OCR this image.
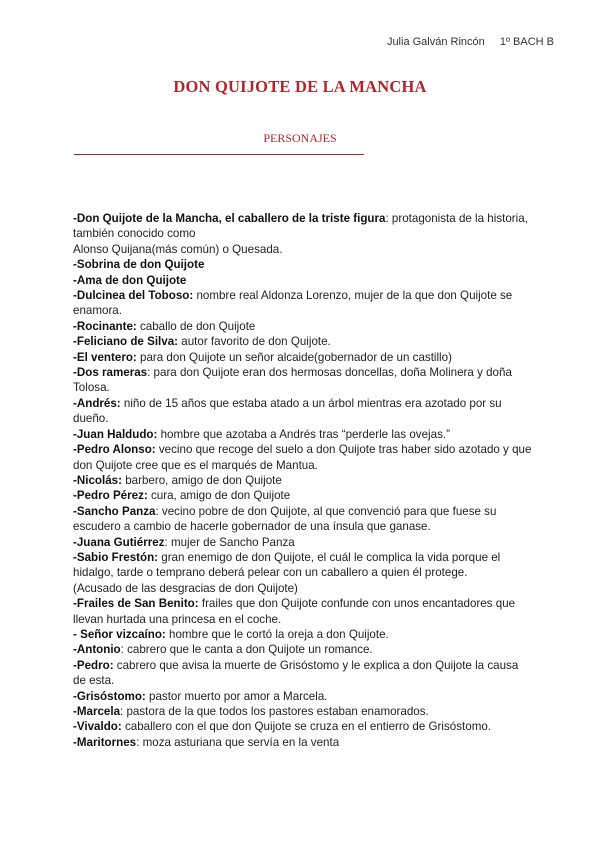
Julia Galván Rincón 1º BACH B
DON QUIJOTE DE LA MANCHA
PERSONAJES

-Don Quijote de la Mancha, el caballero de la triste figura: protagonista de la historia, también conocido como

Alonso Quijana(más común) o Quesada.

-Sobrina de don Quijote

-Ama de don Quijote

-Dulcinea del Toboso: nombre real Aldonza Lorenzo, mujer de la que don Quijote se enamora.

-Rocinante: caballo de don Quijote

-Feliciano de Silva: autor favorito de don Quijote.

-El ventero: para don Quijote un señor alcaide(gobernador de un castillo)

-Dos rameras: para don Quijote eran dos hermosas doncellas, doña Molinera y doña Tolosa.

-Andrés: niño de 15 años que estaba atado a un árbol mientras era azotado por su dueño.

-Juan Haldudo: hombre que azotaba a Andrés tras “perderle las ovejas.”

-Pedro Alonso: vecino que recoge del suelo a don Quijote tras haber sido azotado y que don Quijote cree que es el marqués de Mantua.

-Nicolás: barbero, amigo de don Quijote

-Pedro Pérez: cura, amigo de don Quijote

-Sancho Panza: vecino pobre de don Quijote, al que convenció para que fuese su escudero a cambio de hacerle gobernador de una ínsula que ganase.

-Juana Gutiérrez: mujer de Sancho Panza

-Sabio Frestón: gran enemigo de don Quijote, el cuál le complica la vida porque el hidalgo, tarde o temprano deberá pelear con un caballero a quien él protege.

(Acusado de las desgracias de don Quijote)

-Frailes de San Benito: frailes que don Quijote confunde con unos encantadores que llevan hurtada una princesa en el coche.

- Señor vizcaíno: hombre que le cortó la oreja a don Quijote.

-Antonio: cabrero que le canta a don Quijote un romance.

-Pedro: cabrero que avisa la muerte de Grisóstomo y le explica a don Quijote la causa de esta.

-Grisóstomo: pastor muerto por amor a Marcela.

-Marcela: pastora de la que todos los pastores estaban enamorados.

-Vivaldo: caballero con el que don Quijote se cruza en el entierro de Grisóstomo.

-Maritornes: moza asturiana que servía en la venta
